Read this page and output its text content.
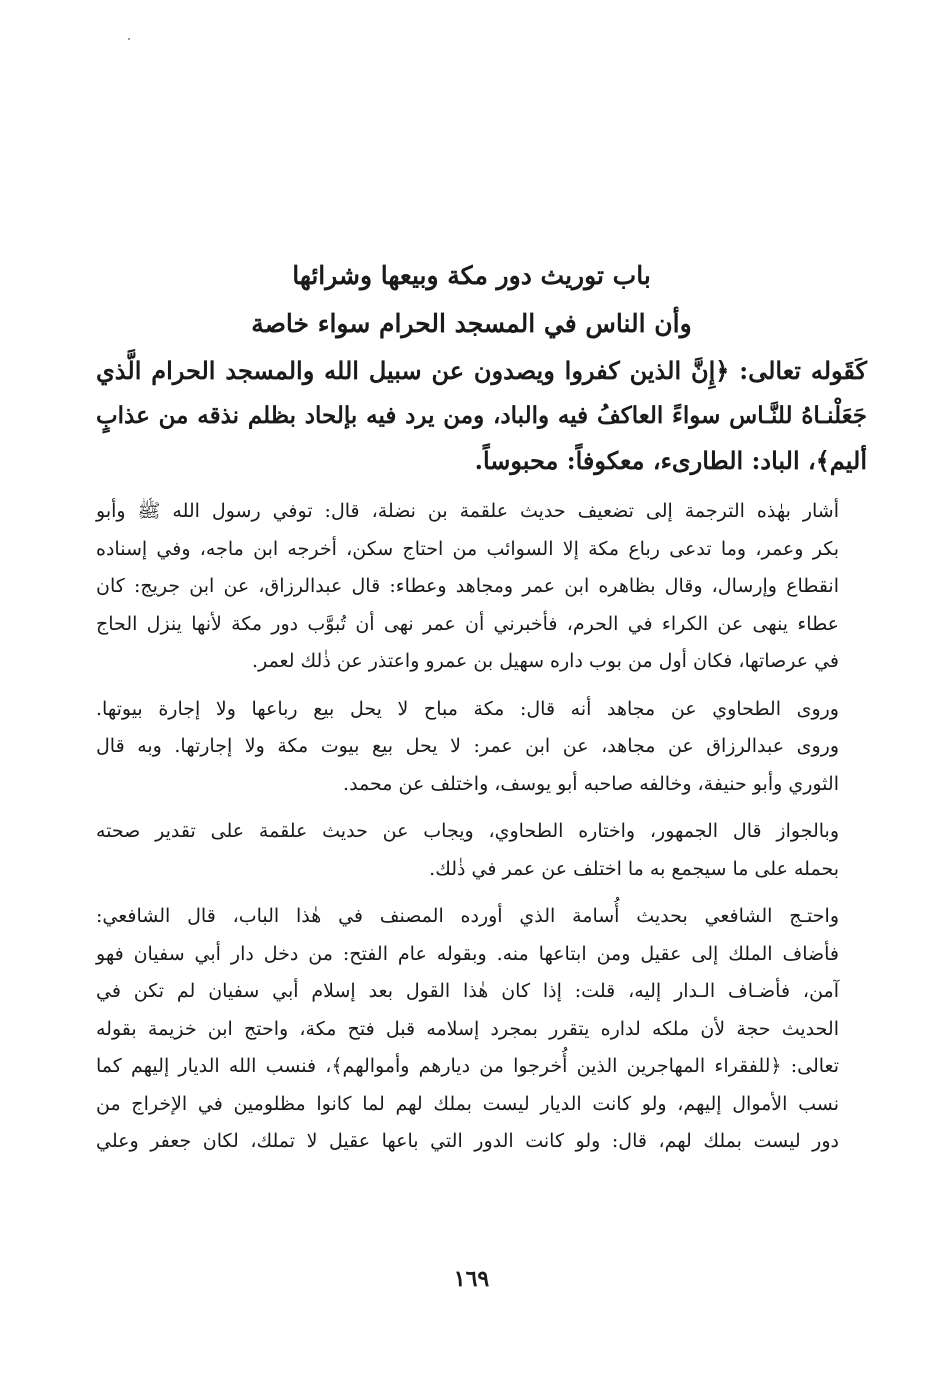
باب توريث دور مكة وبيعها وشرائها
وأن الناس في المسجد الحرام سواء خاصة
كَقَوله تعالى: ﴿إِنَّ الذين كفروا ويصدون عن سبيل الله والمسجد الحرام الَّذي
جَعَلْنـاهُ للنَّـاس سواءً العاكفُ فيه والباد، ومن يرد فيه بإلحاد بظلم نذقه من عذابٍ
أليم﴾، الباد: الطارىء، معكوفاً: محبوساً.
أشار بهٰذه الترجمة إلى تضعيف حديث علقمة بن نضلة، قال: توفي رسول الله ﷺ وأبو
بكر وعمر، وما تدعى رباع مكة إلا السوائب من احتاج سكن، أخرجه ابن ماجه، وفي إسناده
انقطاع وإرسال، وقال بظاهره ابن عمر ومجاهد وعطاء: قال عبدالرزاق، عن ابن جريج: كان
عطاء ينهى عن الكراء في الحرم، فأخبرني أن عمر نهى أن تُبوَّب دور مكة لأنها ينزل الحاج
في عرصاتها، فكان أول من بوب داره سهيل بن عمرو واعتذر عن ذٰلك لعمر.
وروى الطحاوي عن مجاهد أنه قال: مكة مباح لا يحل بيع رباعها ولا إجارة بيوتها.
وروى عبدالرزاق عن مجاهد، عن ابن عمر: لا يحل بيع بيوت مكة ولا إجارتها. وبه قال
الثوري وأبو حنيفة، وخالفه صاحبه أبو يوسف، واختلف عن محمد.
وبالجواز قال الجمهور، واختاره الطحاوي، ويجاب عن حديث علقمة على تقدير صحته
بحمله على ما سيجمع به ما اختلف عن عمر في ذٰلك.
واحتـج الشافعي بحديث أُسامة الذي أورده المصنف في هٰذا الباب، قال الشافعي:
فأضاف الملك إلى عقيل ومن ابتاعها منه. وبقوله عام الفتح: من دخل دار أبي سفيان فهو
آمن، فأضـاف الـدار إليه، قلت: إذا كان هٰذا القول بعد إسلام أبي سفيان لم تكن في
الحديث حجة لأن ملكه لداره يتقرر بمجرد إسلامه قبل فتح مكة، واحتج ابن خزيمة بقوله
تعالى: ﴿للفقراء المهاجرين الذين أُخرجوا من ديارهم وأموالهم﴾، فنسب الله الديار إليهم كما
نسب الأموال إليهم، ولو كانت الديار ليست بملك لهم لما كانوا مظلومين في الإخراج من
دور ليست بملك لهم، قال: ولو كانت الدور التي باعها عقيل لا تملك، لكان جعفر وعلي
١٦٩
